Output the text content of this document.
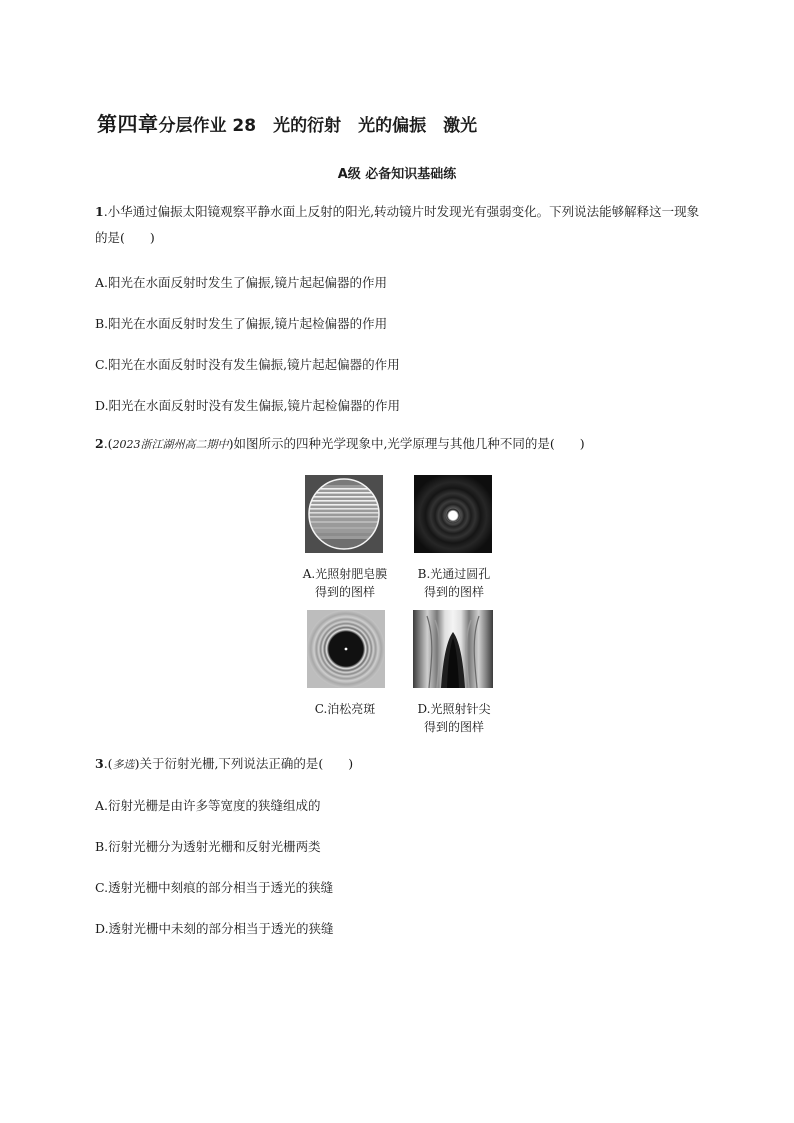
第四章分层作业 28　光的衍射　光的偏振　激光
A级 必备知识基础练
1.小华通过偏振太阳镜观察平静水面上反射的阳光,转动镜片时发现光有强弱变化。下列说法能够解释这一现象的是(　　)
A.阳光在水面反射时发生了偏振,镜片起起偏器的作用
B.阳光在水面反射时发生了偏振,镜片起检偏器的作用
C.阳光在水面反射时没有发生偏振,镜片起起偏器的作用
D.阳光在水面反射时没有发生偏振,镜片起检偏器的作用
2.(2023浙江湖州高二期中)如图所示的四种光学现象中,光学原理与其他几种不同的是(　　)
A.光照射肥皂膜
得到的图样
B.光通过圆孔
得到的图样
C.泊松亮斑	D.光照射针尖
得到的图样
3.(多选)关于衍射光栅,下列说法正确的是(　　)
A.衍射光栅是由许多等宽度的狭缝组成的
B.衍射光栅分为透射光栅和反射光栅两类
C.透射光栅中刻痕的部分相当于透光的狭缝
D.透射光栅中未刻的部分相当于透光的狭缝
